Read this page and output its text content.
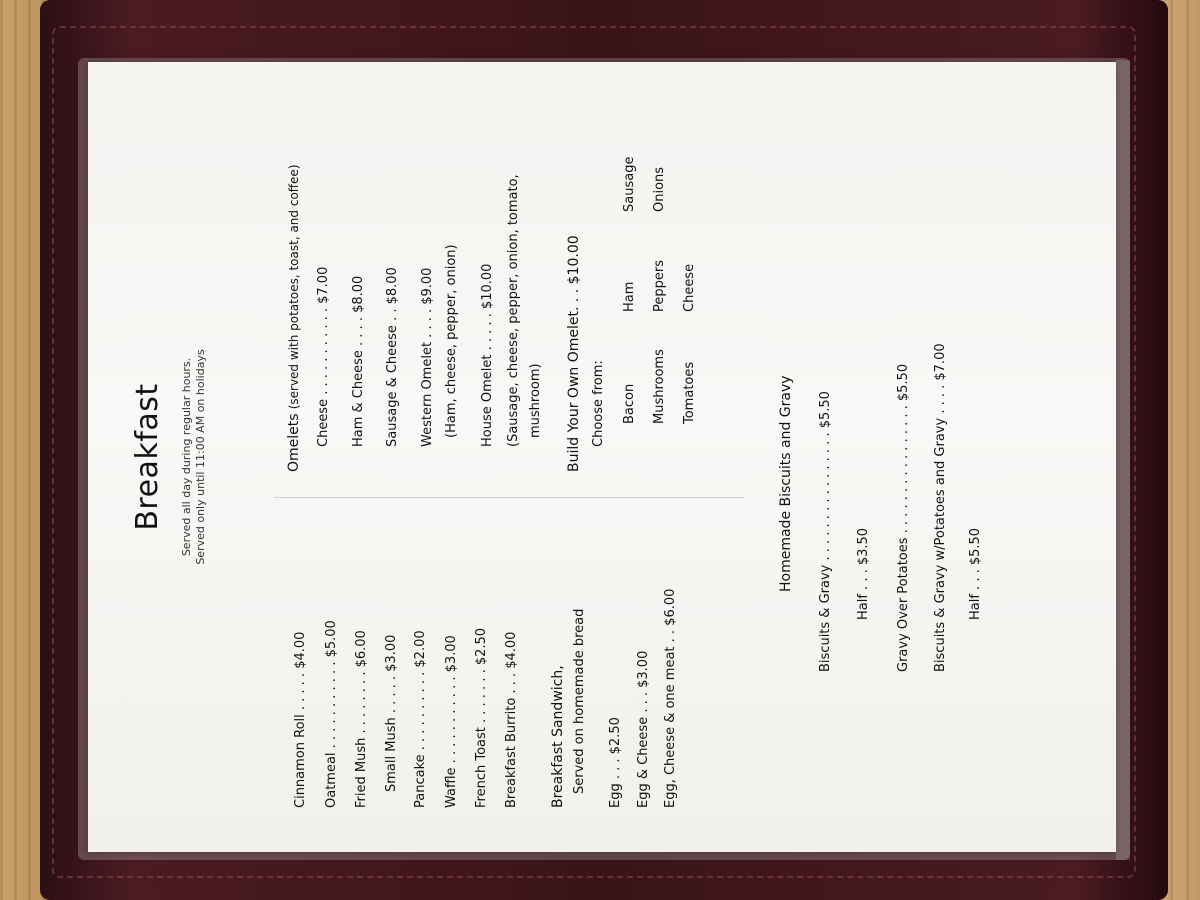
Breakfast Served all day during regular hours. Served only until 11:00 AM on holidays
Cinnamon Roll . . . . . $4.00 Oatmeal . . . . . . . . . . . $5.00 Fried Mush . . . . . . . . $6.00 Small Mush . . . . . $3.00 Pancake . . . . . . . . . . $2.00 Waffle . . . . . . . . . . . $3.00 French Toast . . . . . . . $2.50 Breakfast Burrito . . . $4.00 Breakfast Sandwich, Served on homemade bread Egg . . . $2.50 Egg & Cheese . . . $3.00 Egg, Cheese & one meat . . $6.00
Omelets (served with potatoes, toast, and coffee) Cheese . . . . . . . . . . . $7.00 Ham & Cheese . . . . $8.00 Sausage & Cheese . . $8.00 Western Omelet . . . . $9.00 (Ham, cheese, pepper, onion) House Omelet . . . . . $10.00 (Sausage, cheese, pepper, onion, tomato, mushroom) Build Your Own Omelet. . . $10.00 Choose from: Bacon
Ham
Sausage
Mushrooms
Peppers
Onions
Tomatoes
Cheese
Homemade Biscuits and Gravy Biscuits & Gravy . . . . . . . . . . . . . . . . $5.50 Half . . . $3.50 Gravy Over Potatoes . . . . . . . . . . . . . . . . $5.50 Biscuits & Gravy w/Potatoes and Gravy . . . . $7.00 Half . . . $5.50
